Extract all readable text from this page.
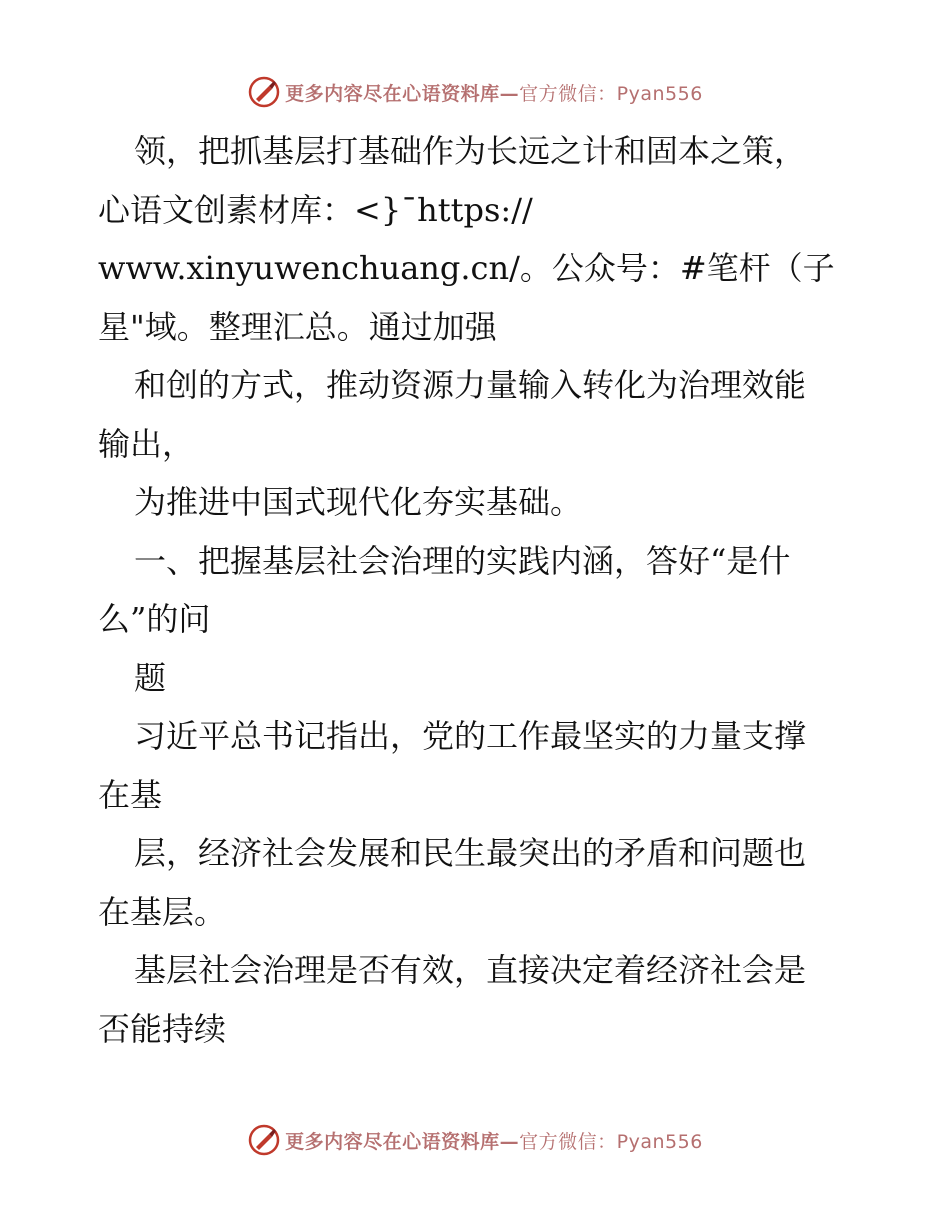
更多内容尽在心语资料库—官方微信：Pyan556
领，把抓基层打基础作为长远之计和固本之策，
心语文创素材库：<}¯https://
www.xinyuwenchuang.cn/。公众号：#笔杆（子
星"域。整理汇总。通过加强
和创的方式，推动资源力量输入转化为治理效能
输出，
为推进中国式现代化夯实基础。
一、把握基层社会治理的实践内涵，答好“是什
么”的问
题
习近平总书记指出，党的工作最坚实的力量支撑
在基
层，经济社会发展和民生最突出的矛盾和问题也
在基层。
基层社会治理是否有效，直接决定着经济社会是
否能持续
更多内容尽在心语资料库—官方微信：Pyan556
